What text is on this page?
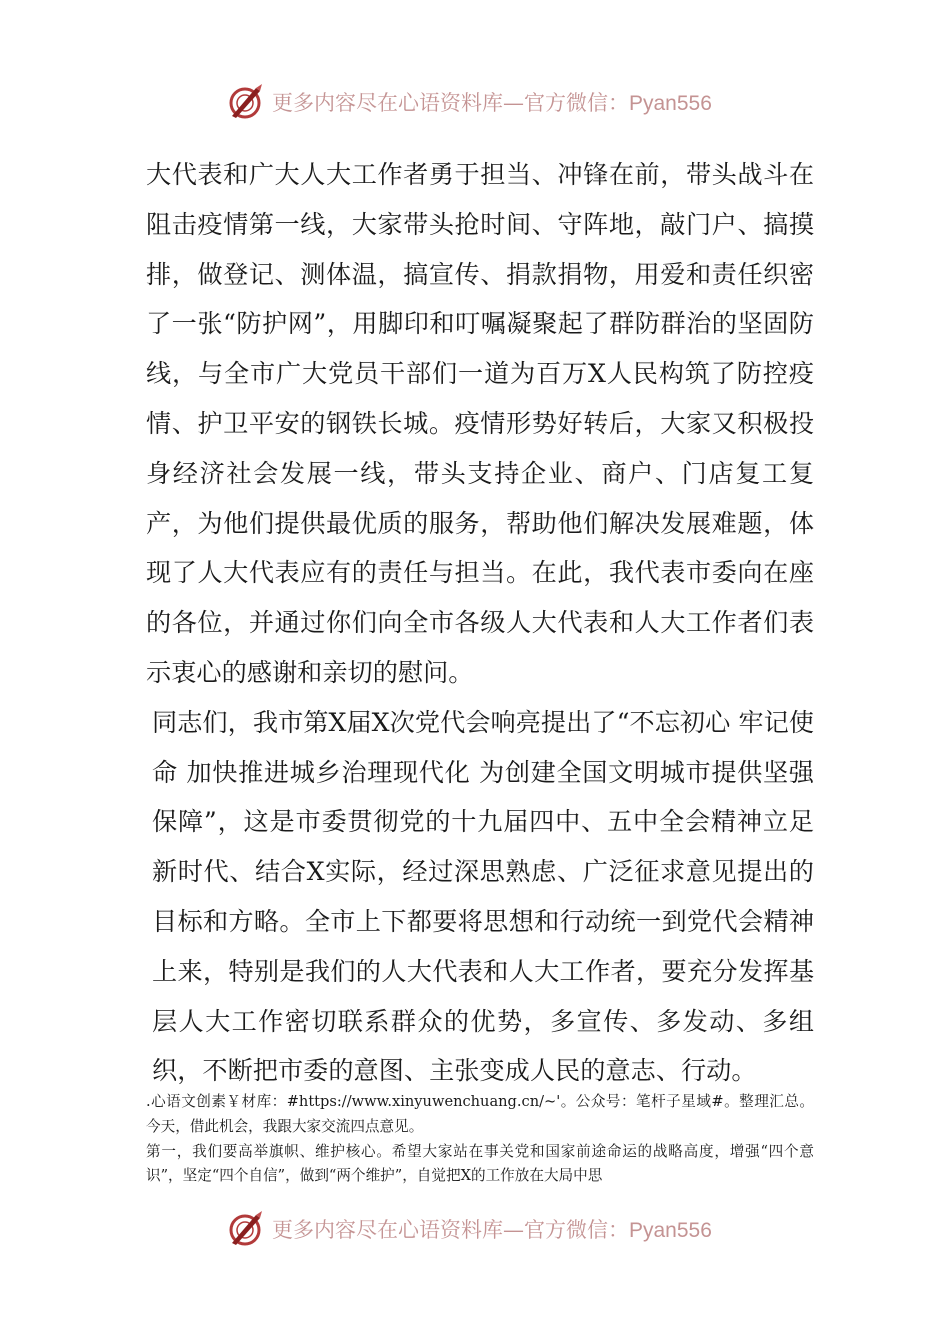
更多内容尽在心语资料库—官方微信：Pyan556

大代表和广大人大工作者勇于担当、冲锋在前，带头战斗在阻击疫情第一线，大家带头抢时间、守阵地，敲门户、搞摸排，做登记、测体温，搞宣传、捐款捐物，用爱和责任织密了一张“防护网”，用脚印和叮嘱凝聚起了群防群治的坚固防线，与全市广大党员干部们一道为百万X人民构筑了防控疫情、护卫平安的钢铁长城。疫情形势好转后，大家又积极投身经济社会发展一线，带头支持企业、商户、门店复工复产，为他们提供最优质的服务，帮助他们解决发展难题，体现了人大代表应有的责任与担当。在此，我代表市委向在座的各位，并通过你们向全市各级人大代表和人大工作者们表示衷心的感谢和亲切的慰问。

同志们，我市第X届X次党代会响亮提出了“不忘初心 牢记使命 加快推进城乡治理现代化 为创建全国文明城市提供坚强保障”，这是市委贯彻党的十九届四中、五中全会精神立足新时代、结合X实际，经过深思熟虑、广泛征求意见提出的目标和方略。全市上下都要将思想和行动统一到党代会精神上来，特别是我们的人大代表和人大工作者，要充分发挥基层人大工作密切联系群众的优势，多宣传、多发动、多组织，不断把市委的意图、主张变成人民的意志、行动。

.心语文创素￥材库：#https://www.xinyuwenchuang.cn/~'。公众号：笔杆子星域#。整理汇总。今天，借此机会，我跟大家交流四点意见。

第一，我们要高举旗帜、维护核心。希望大家站在事关党和国家前途命运的战略高度，增强“四个意识”，坚定“四个自信”，做到“两个维护”，自觉把X的工作放在大局中思

更多内容尽在心语资料库—官方微信：Pyan556
